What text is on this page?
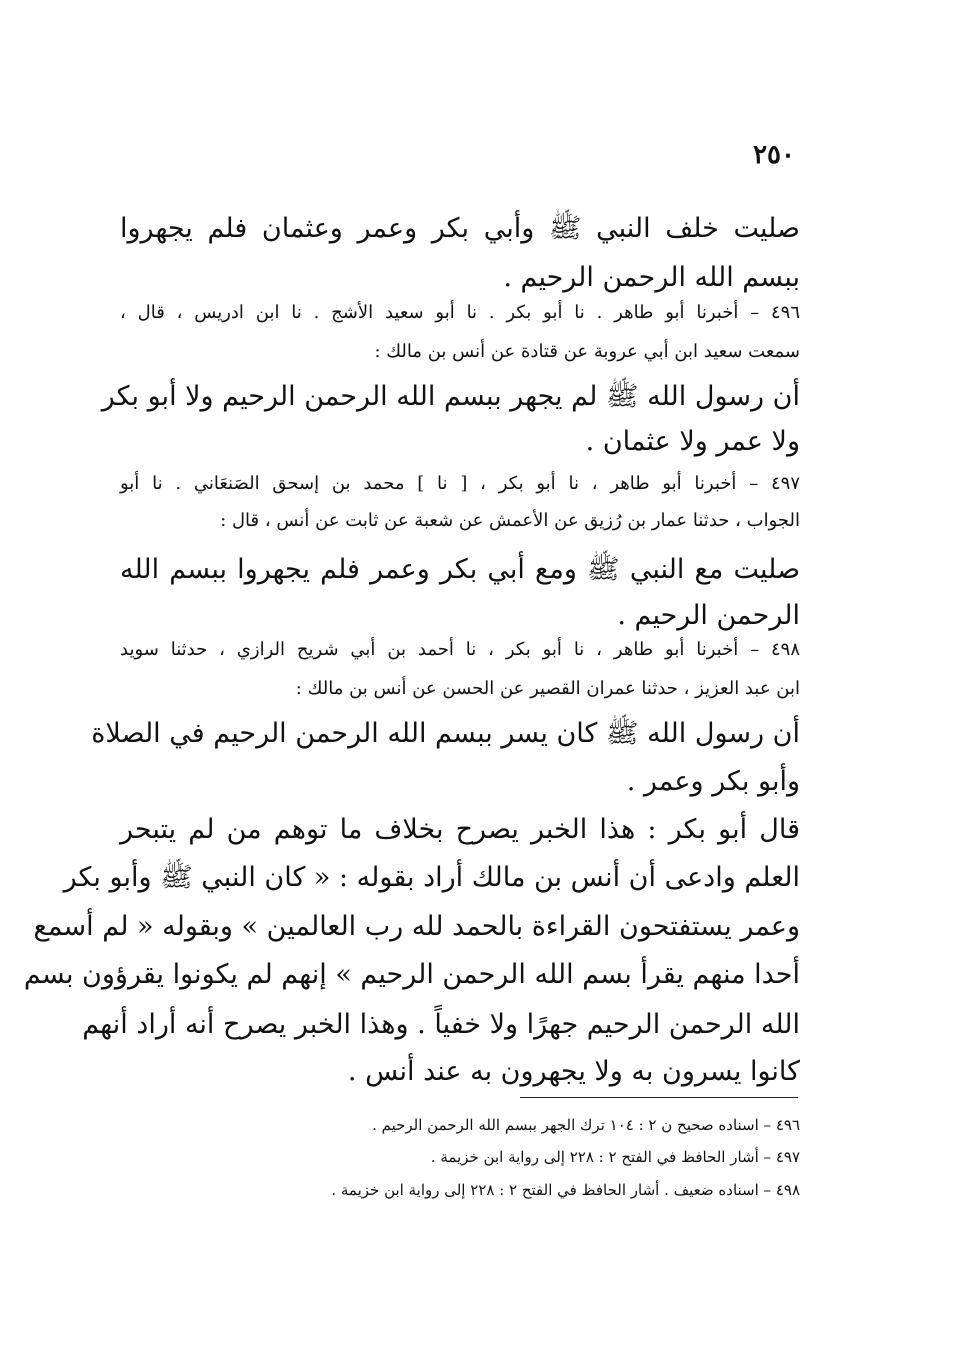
٢٥٠
صليت خلف النبي ﷺ وأبي بكر وعمر وعثمان فلم يجهروا
ببسم الله الرحمن الرحيم .
٤٩٦ – أخبرنا أبو طاهر . نا أبو بكر . نا أبو سعيد الأشج . نا ابن ادريس ، قال ،
سمعت سعيد ابن أبي عروبة عن قتادة عن أنس بن مالك :
أن رسول الله ﷺ لم يجهر ببسم الله الرحمن الرحيم ولا أبو بكر
ولا عمر ولا عثمان .
٤٩٧ – أخبرنا أبو طاهر ، نا أبو بكر ، [ نا ] محمد بن إسحق الصَنعَاني . نا أبو
الجواب ، حدثنا عمار بن رُزيق عن الأعمش عن شعبة عن ثابت عن أنس ، قال :
صليت مع النبي ﷺ ومع أبي بكر وعمر فلم يجهروا ببسم الله
الرحمن الرحيم .
٤٩٨ – أخبرنا أبو طاهر ، نا أبو بكر ، نا أحمد بن أبي شريح الرازي ، حدثنا سويد
ابن عبد العزيز ، حدثنا عمران القصير عن الحسن عن أنس بن مالك :
أن رسول الله ﷺ كان يسر ببسم الله الرحمن الرحيم في الصلاة
وأبو بكر وعمر .
قال أبو بكر : هذا الخبر يصرح بخلاف ما توهم من لم يتبحر
العلم وادعى أن أنس بن مالك أراد بقوله : « كان النبي ﷺ وأبو بكر
وعمر يستفتحون القراءة بالحمد لله رب العالمين » وبقوله « لم أسمع
أحدا منهم يقرأ بسم الله الرحمن الرحيم » إنهم لم يكونوا يقرؤون بسم
الله الرحمن الرحيم جهرًا ولا خفياً . وهذا الخبر يصرح أنه أراد أنهم
كانوا يسرون به ولا يجهرون به عند أنس .
٤٩٦ – اسناده صحيح ن ٢ : ١٠٤ ترك الجهر ببسم الله الرحمن الرحيم .
٤٩٧ – أشار الحافظ في الفتح ٢ : ٢٢٨ إلى رواية ابن خزيمة .
٤٩٨ – اسناده ضعيف . أشار الحافظ في الفتح ٢ : ٢٢٨ إلى رواية ابن خزيمة .
